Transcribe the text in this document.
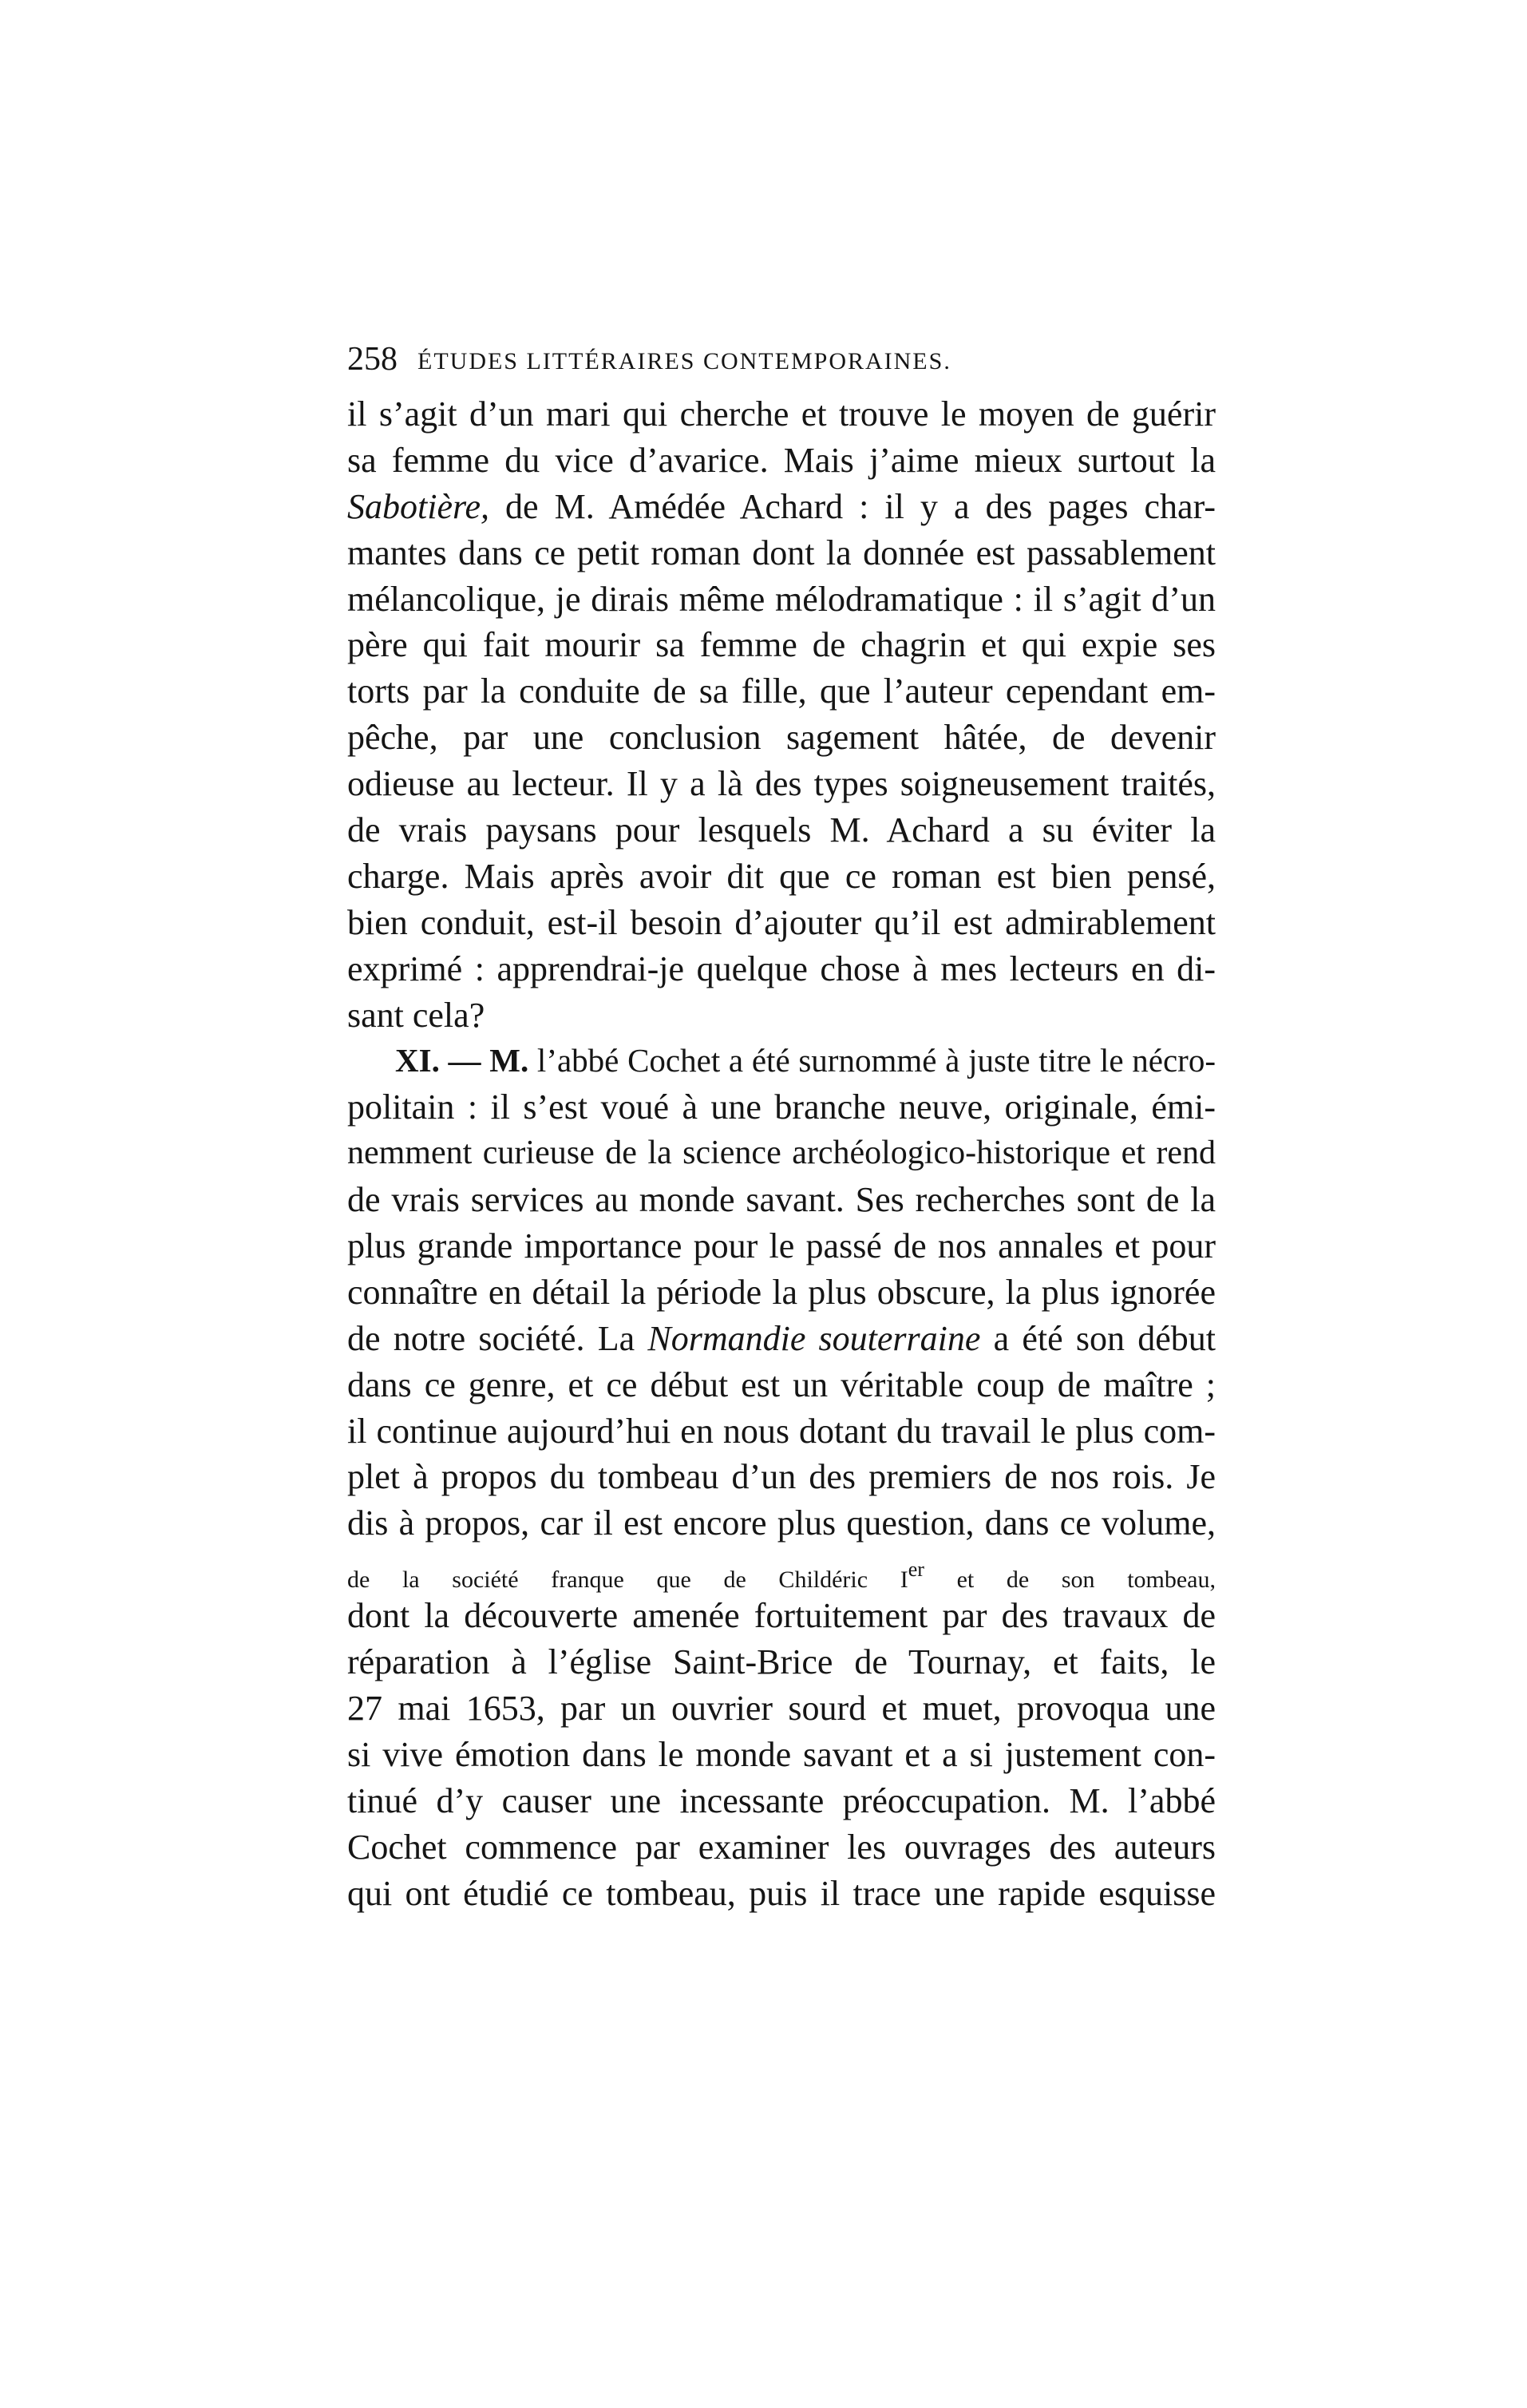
258 ÉTUDES LITTÉRAIRES CONTEMPORAINES.
il s’agit d’un mari qui cherche et trouve le moyen de guérir
sa femme du vice d’avarice. Mais j’aime mieux surtout la
Sabotière, de M. Amédée Achard : il y a des pages char-
mantes dans ce petit roman dont la donnée est passablement
mélancolique, je dirais même mélodramatique : il s’agit d’un
père qui fait mourir sa femme de chagrin et qui expie ses
torts par la conduite de sa fille, que l’auteur cependant em-
pêche, par une conclusion sagement hâtée, de devenir
odieuse au lecteur. Il y a là des types soigneusement traités,
de vrais paysans pour lesquels M. Achard a su éviter la
charge. Mais après avoir dit que ce roman est bien pensé,
bien conduit, est-il besoin d’ajouter qu’il est admirablement
exprimé : apprendrai-je quelque chose à mes lecteurs en di-
sant cela?
XI. — M. l’abbé Cochet a été surnommé à juste titre le nécro-
politain : il s’est voué à une branche neuve, originale, émi-
nemment curieuse de la science archéologico-historique et rend
de vrais services au monde savant. Ses recherches sont de la
plus grande importance pour le passé de nos annales et pour
connaître en détail la période la plus obscure, la plus ignorée
de notre société. La Normandie souterraine a été son début
dans ce genre, et ce début est un véritable coup de maître ;
il continue aujourd’hui en nous dotant du travail le plus com-
plet à propos du tombeau d’un des premiers de nos rois. Je
dis à propos, car il est encore plus question, dans ce volume,
de la société franque que de Childéric Ier et de son tombeau,
dont la découverte amenée fortuitement par des travaux de
réparation à l’église Saint-Brice de Tournay, et faits, le
27 mai 1653, par un ouvrier sourd et muet, provoqua une
si vive émotion dans le monde savant et a si justement con-
tinué d’y causer une incessante préoccupation. M. l’abbé
Cochet commence par examiner les ouvrages des auteurs
qui ont étudié ce tombeau, puis il trace une rapide esquisse
